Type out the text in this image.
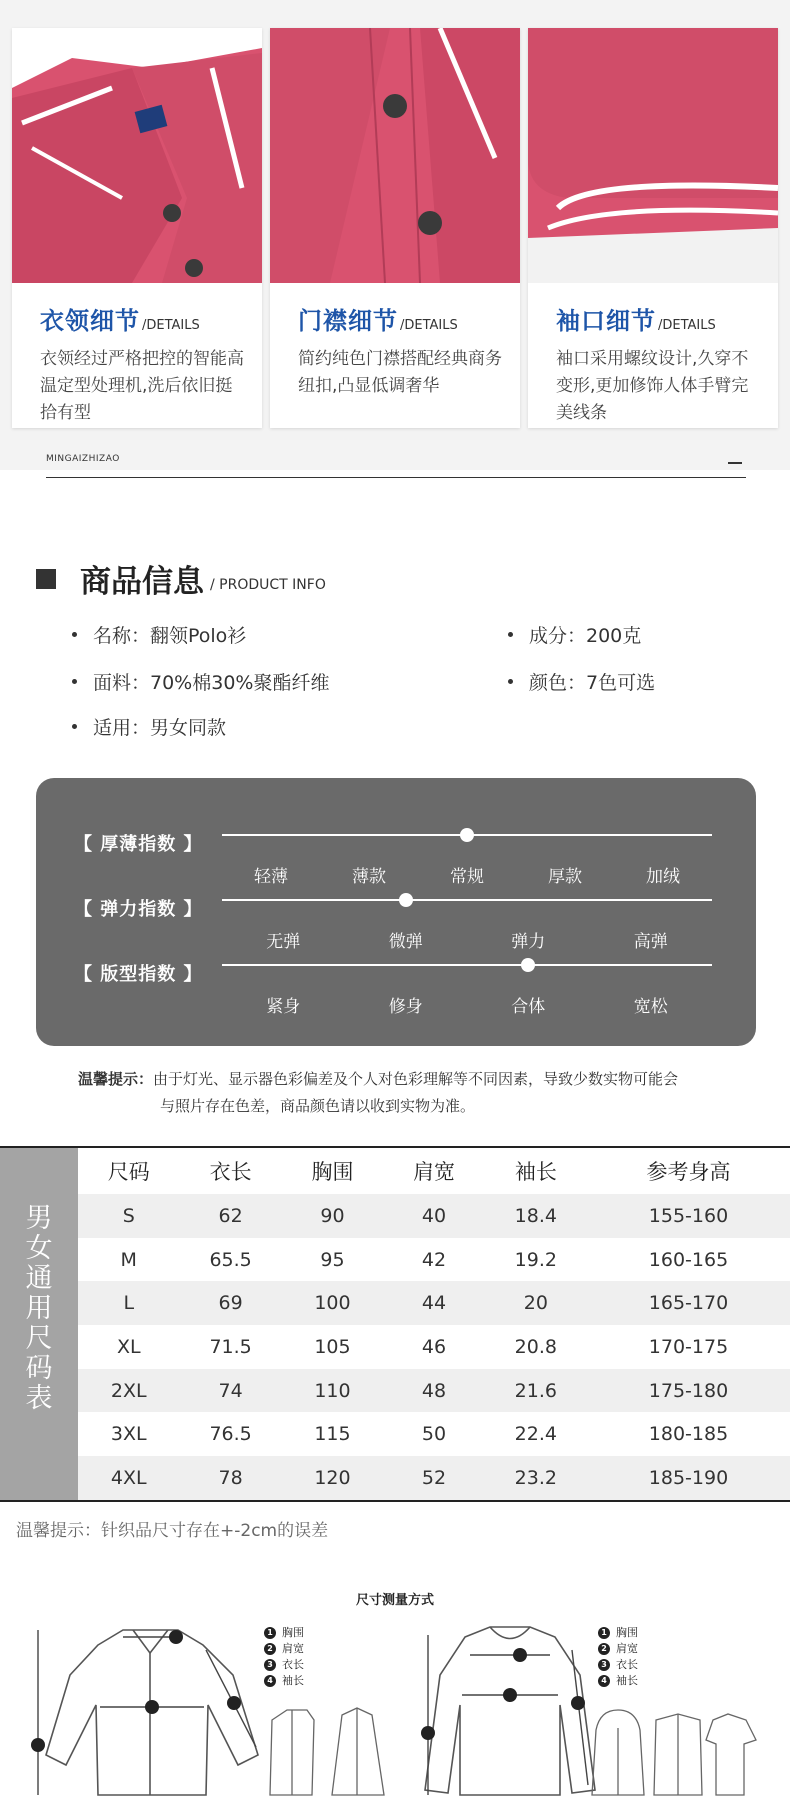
衣领细节 /DETAILS
衣领经过严格把控的智能高温定型处理机,洗后依旧挺拾有型
门襟细节 /DETAILS
简约纯色门襟搭配经典商务纽扣,凸显低调奢华
袖口细节 /DETAILS
袖口采用螺纹设计,久穿不变形,更加修饰人体手臂完美线条
MINGAIZHIZAO
商品信息 / PRODUCT INFO
名称：翻领Polo衫	成分：200克
面料：70%棉30%聚酯纤维	颜色：7色可选
适用：男女同款
【 厚薄指数 】
轻薄	薄款	常规	厚款	加绒
【 弹力指数 】
无弹	微弹	弹力	高弹
【 版型指数 】
紧身	修身	合体	宽松
温馨提示：由于灯光、显示器色彩偏差及个人对色彩理解等不同因素，导致少数实物可能会
与照片存在色差，商品颜色请以收到实物为准。
男
女
通
用
尺
码
表
尺码	衣长	胸围	肩宽	袖长	参考身高
S	62	90	40	18.4	155-160
M	65.5	95	42	19.2	160-165
L	69	100	44	20	165-170
XL	71.5	105	46	20.8	170-175
2XL	74	110	48	21.6	175-180
3XL	76.5	115	50	22.4	180-185
4XL	78	120	52	23.2	185-190
温馨提示：针织品尺寸存在+-2cm的误差
尺寸测量方式
1 胸围
2 肩宽
3 衣长
4 袖长
1 胸围
2 肩宽
3 衣长
4 袖长
